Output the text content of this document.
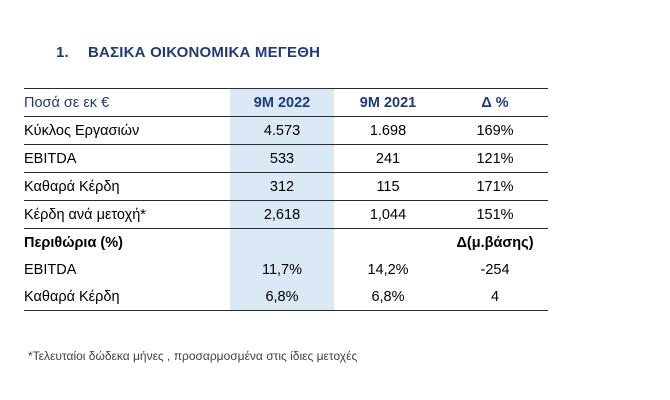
1. ΒΑΣΙΚΑ ΟΙΚΟΝΟΜΙΚΑ ΜΕΓΕΘΗ
Ποσά σε εκ €	9M 2022	9M 2021	Δ %
Κύκλος Εργασιών	4.573	1.698	169%
EBITDA	533	241	121%
Καθαρά Κέρδη	312	115	171%
Κέρδη ανά μετοχή*	2,618	1,044	151%
Περιθώρια (%)			Δ(μ.βάσης)
EBITDA	11,7%	14,2%	-254
Καθαρά Κέρδη	6,8%	6,8%	4
*Τελευταίοι δώδεκα μήνες , προσαρμοσμένα στις ίδιες μετοχές
